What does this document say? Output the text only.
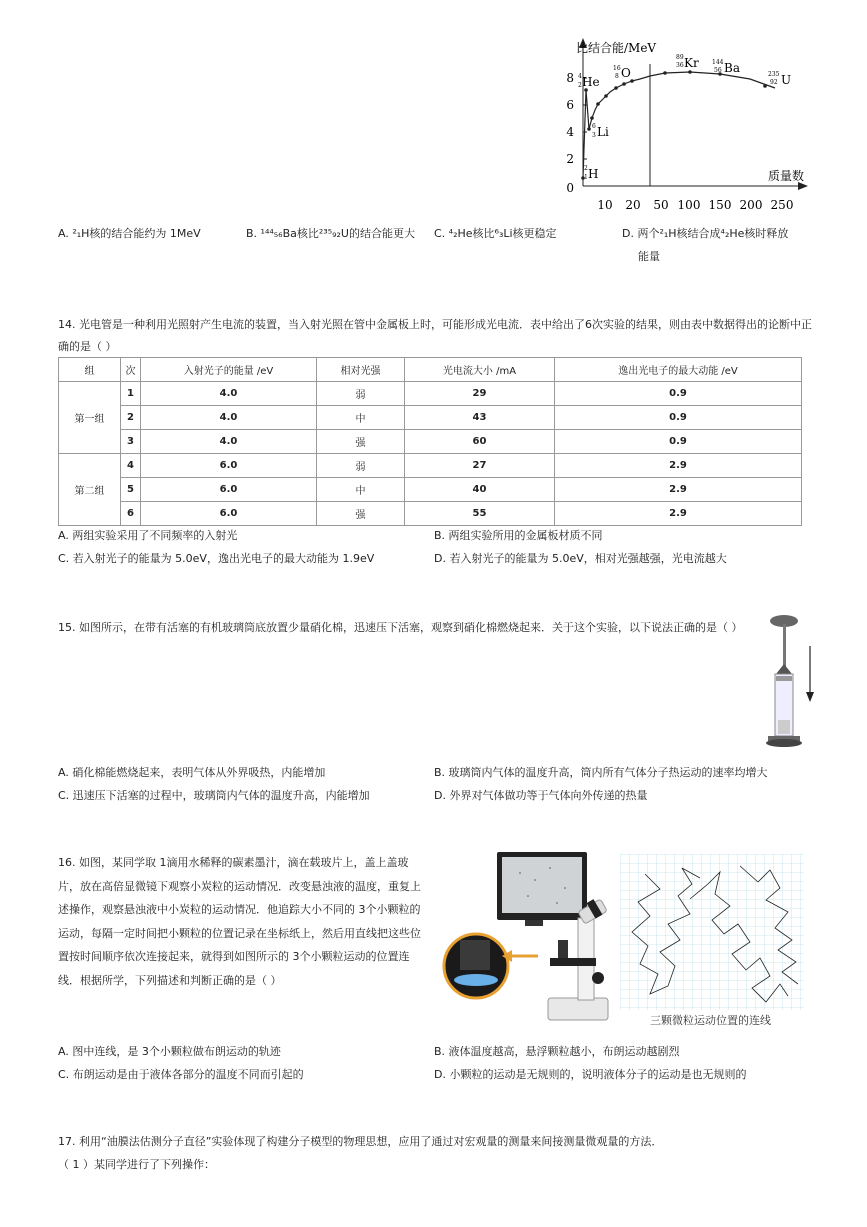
8
6
4
2
0
10 20 50 100 150 200 250
比结合能/MeV
质量数
2
1 H
4
2 He
6
3 Li
16
8 O
89
36 Kr 144
56 Ba	235
92 U
A. ²₁H核的结合能约为 1MeV	B. ¹⁴⁴₅₆Ba核比²³⁵₉₂U的结合能更大 C. ⁴₂He核比⁶₃Li核更稳定	D. 两个²₁H核结合成⁴₂He核时释放
能量
14. 光电管是一种利用光照射产生电流的装置，当入射光照在管中金属板上时，可能形成光电流．表中给出了6次实验的结果，则由表中数据得出的论断中正确的是（ ）
组	次	入射光子的能量 /eV	相对光强	光电流大小 /mA	逸出光电子的最大动能 /eV
第一组	1	4.0	弱	29	0.9
	2	4.0	中	43	0.9
	3	4.0	强	60	0.9
第二组	4	6.0	弱	27	2.9
	5	6.0	中	40	2.9
	6	6.0	强	55	2.9
A. 两组实验采用了不同频率的入射光	B. 两组实验所用的金属板材质不同
C. 若入射光子的能量为 5.0eV，逸出光电子的最大动能为 1.9eV	D. 若入射光子的能量为 5.0eV，相对光强越强，光电流越大
15. 如图所示，在带有活塞的有机玻璃筒底放置少量硝化棉，迅速压下活塞，观察到硝化棉燃烧起来．关于这个实验，以下说法正确的是（ ）
A. 硝化棉能燃烧起来，表明气体从外界吸热，内能增加	B. 玻璃筒内气体的温度升高，筒内所有气体分子热运动的速率均增大
C. 迅速压下活塞的过程中，玻璃筒内气体的温度升高，内能增加	D. 外界对气体做功等于气体向外传递的热量
16. 如图，某同学取 1滴用水稀释的碳素墨汁，滴在载玻片上，盖上盖玻片，放在高倍显微镜下观察小炭粒的运动情况．改变悬浊液的温度，重复上述操作，观察悬浊液中小炭粒的运动情况．他追踪大小不同的 3个小颗粒的运动，每隔一定时间把小颗粒的位置记录在坐标纸上，然后用直线把这些位置按时间顺序依次连接起来，就得到如图所示的 3个小颗粒运动的位置连线．根据所学，下列描述和判断正确的是（ ）
三颗微粒运动位置的连线
A. 图中连线，是 3个小颗粒做布朗运动的轨迹	B. 液体温度越高，悬浮颗粒越小，布朗运动越剧烈
C. 布朗运动是由于液体各部分的温度不同而引起的	D. 小颗粒的运动是无规则的，说明液体分子的运动是也无规则的
17. 利用“油膜法估测分子直径”实验体现了构建分子模型的物理思想，应用了通过对宏观量的测量来间接测量微观量的方法．
（ 1 ）某同学进行了下列操作：
